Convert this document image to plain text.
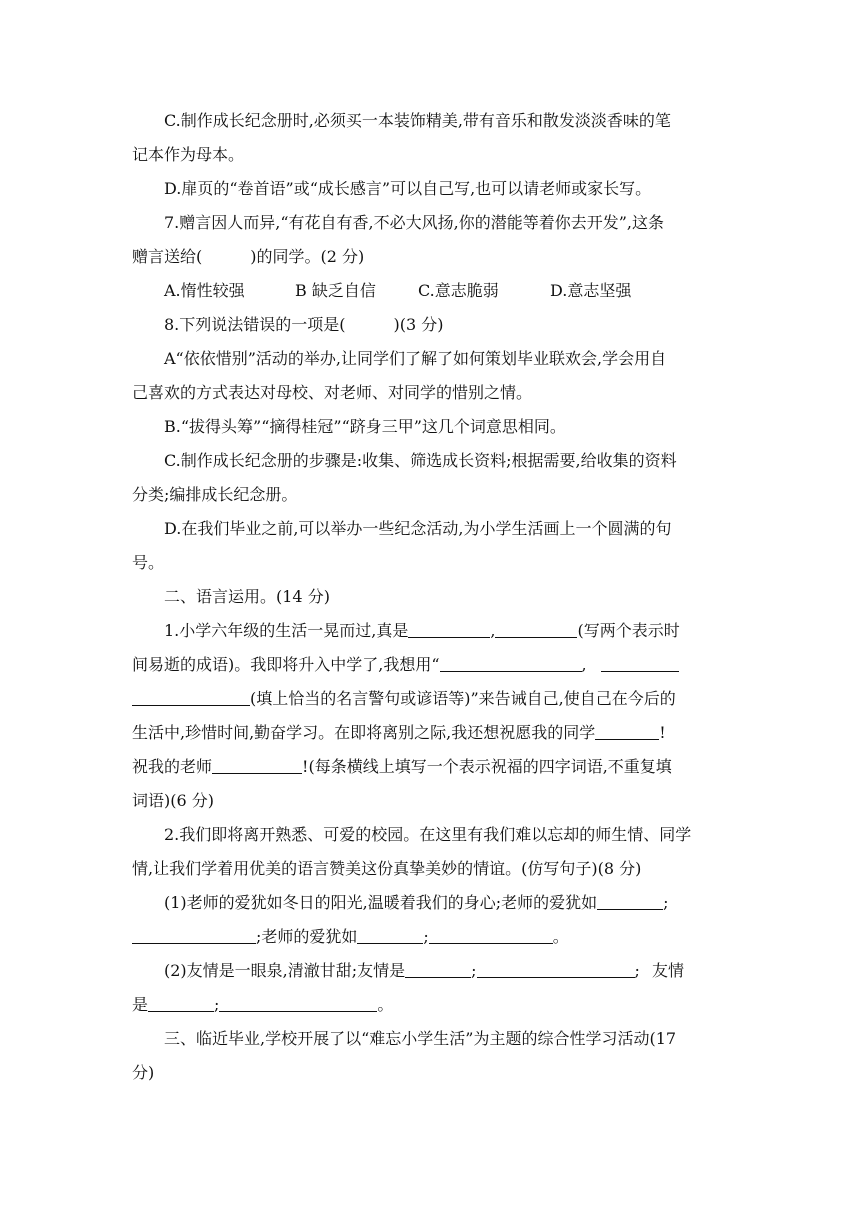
C.制作成长纪念册时,必须买一本装饰精美,带有音乐和散发淡淡香味的笔

记本作为母本。

D.扉页的“卷首语”或“成长感言”可以自己写,也可以请老师或家长写。

7.赠言因人而异,“有花自有香,不必大风扬,你的潜能等着你去开发”,这条

赠言送给(　　　)的同学。(2 分)

A.惰性较强	B 缺乏自信	C.意志脆弱	D.意志坚强

8.下列说法错误的一项是(　　　)(3 分)

A“依依惜别”活动的举办,让同学们了解了如何策划毕业联欢会,学会用自

己喜欢的方式表达对母校、对老师、对同学的惜别之情。

B.“拔得头筹”“摘得桂冠”“跻身三甲”这几个词意思相同。

C.制作成长纪念册的步骤是:收集、筛选成长资料;根据需要,给收集的资料

分类;编排成长纪念册。

D.在我们毕业之前,可以举办一些纪念活动,为小学生活画上一个圆满的句

号。

二、语言运用。(14 分)

1.小学六年级的生活一晃而过,真是	,	(写两个表示时

间易逝的成语)。我即将升入中学了,我想用“	,

(填上恰当的名言警句或谚语等)”来告诫自己,使自己在今后的

生活中,珍惜时间,勤奋学习。在即将离别之际,我还想祝愿我的同学	!

祝我的老师	!(每条横线上填写一个表示祝福的四字词语,不重复填

词语)(6 分)

2.我们即将离开熟悉、可爱的校园。在这里有我们难以忘却的师生情、同学

情,让我们学着用优美的语言赞美这份真挚美妙的情谊。(仿写句子)(8 分)

(1)老师的爱犹如冬日的阳光,温暖着我们的身心;老师的爱犹如	;

;老师的爱犹如	;	。

(2)友情是一眼泉,清澈甘甜;友情是	;	; 友情

是	;	。

三、临近毕业,学校开展了以“难忘小学生活”为主题的综合性学习活动(17

分)
